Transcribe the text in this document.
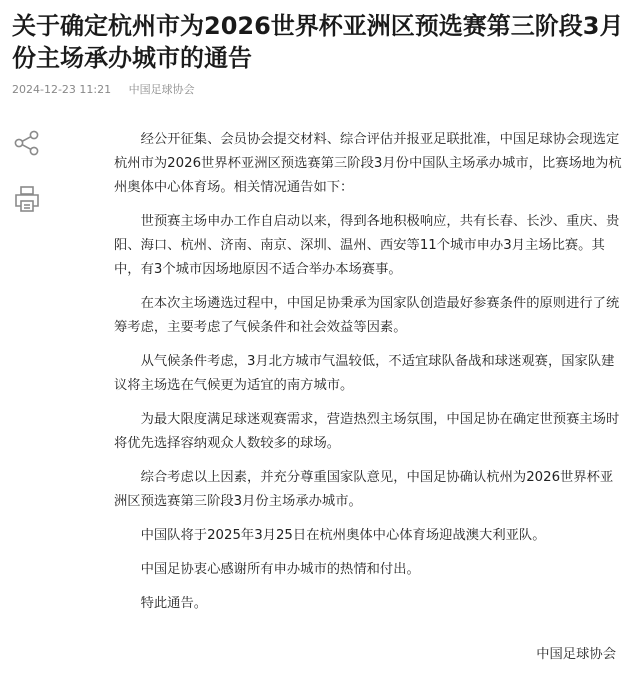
关于确定杭州市为2026世界杯亚洲区预选赛第三阶段3月份主场承办城市的通告
2024-12-23 11:21 中国足球协会

经公开征集、会员协会提交材料、综合评估并报亚足联批准，中国足球协会现选定杭州市为2026世界杯亚洲区预选赛第三阶段3月份中国队主场承办城市，比赛场地为杭州奥体中心体育场。相关情况通告如下：

世预赛主场申办工作自启动以来，得到各地积极响应，共有长春、长沙、重庆、贵阳、海口、杭州、济南、南京、深圳、温州、西安等11个城市申办3月主场比赛。其中，有3个城市因场地原因不适合举办本场赛事。

在本次主场遴选过程中，中国足协秉承为国家队创造最好参赛条件的原则进行了统筹考虑，主要考虑了气候条件和社会效益等因素。

从气候条件考虑，3月北方城市气温较低，不适宜球队备战和球迷观赛，国家队建议将主场选在气候更为适宜的南方城市。

为最大限度满足球迷观赛需求，营造热烈主场氛围，中国足协在确定世预赛主场时将优先选择容纳观众人数较多的球场。

综合考虑以上因素，并充分尊重国家队意见，中国足协确认杭州为2026世界杯亚洲区预选赛第三阶段3月份主场承办城市。

中国队将于2025年3月25日在杭州奥体中心体育场迎战澳大利亚队。

中国足协衷心感谢所有申办城市的热情和付出。

特此通告。

中国足球协会
